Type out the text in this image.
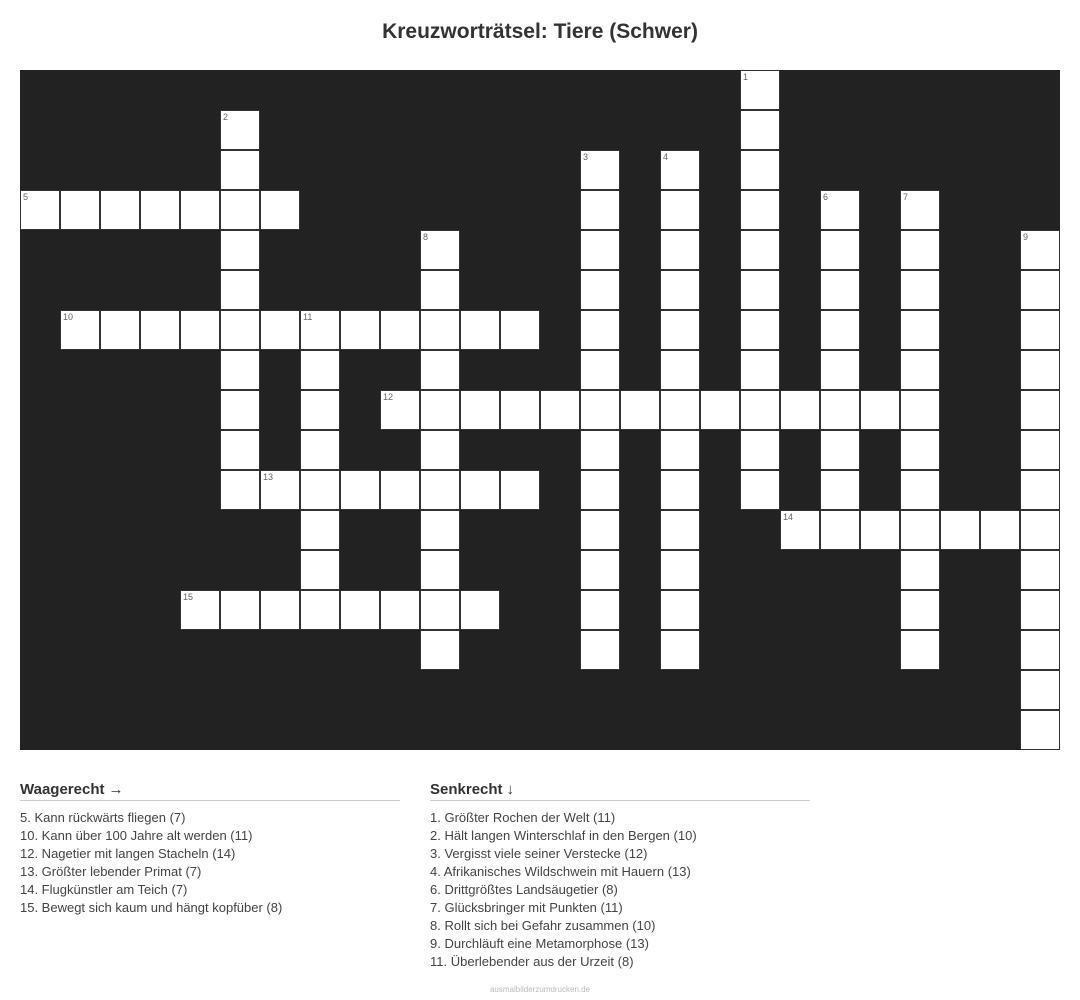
Kreuzworträtsel: Tiere (Schwer)
5
10	11
12
13
14
15
1
2
3	4
6	7
8	9
Waagerecht →
5. Kann rückwärts fliegen (7)
10. Kann über 100 Jahre alt werden (11)
12. Nagetier mit langen Stacheln (14)
13. Größter lebender Primat (7)
14. Flugkünstler am Teich (7)
15. Bewegt sich kaum und hängt kopfüber (8)
Senkrecht ↓
1. Größter Rochen der Welt (11)
2. Hält langen Winterschlaf in den Bergen (10)
3. Vergisst viele seiner Verstecke (12)
4. Afrikanisches Wildschwein mit Hauern (13)
6. Drittgrößtes Landsäugetier (8)
7. Glücksbringer mit Punkten (11)
8. Rollt sich bei Gefahr zusammen (10)
9. Durchläuft eine Metamorphose (13)
11. Überlebender aus der Urzeit (8)
ausmalbilderzumdrucken.de
